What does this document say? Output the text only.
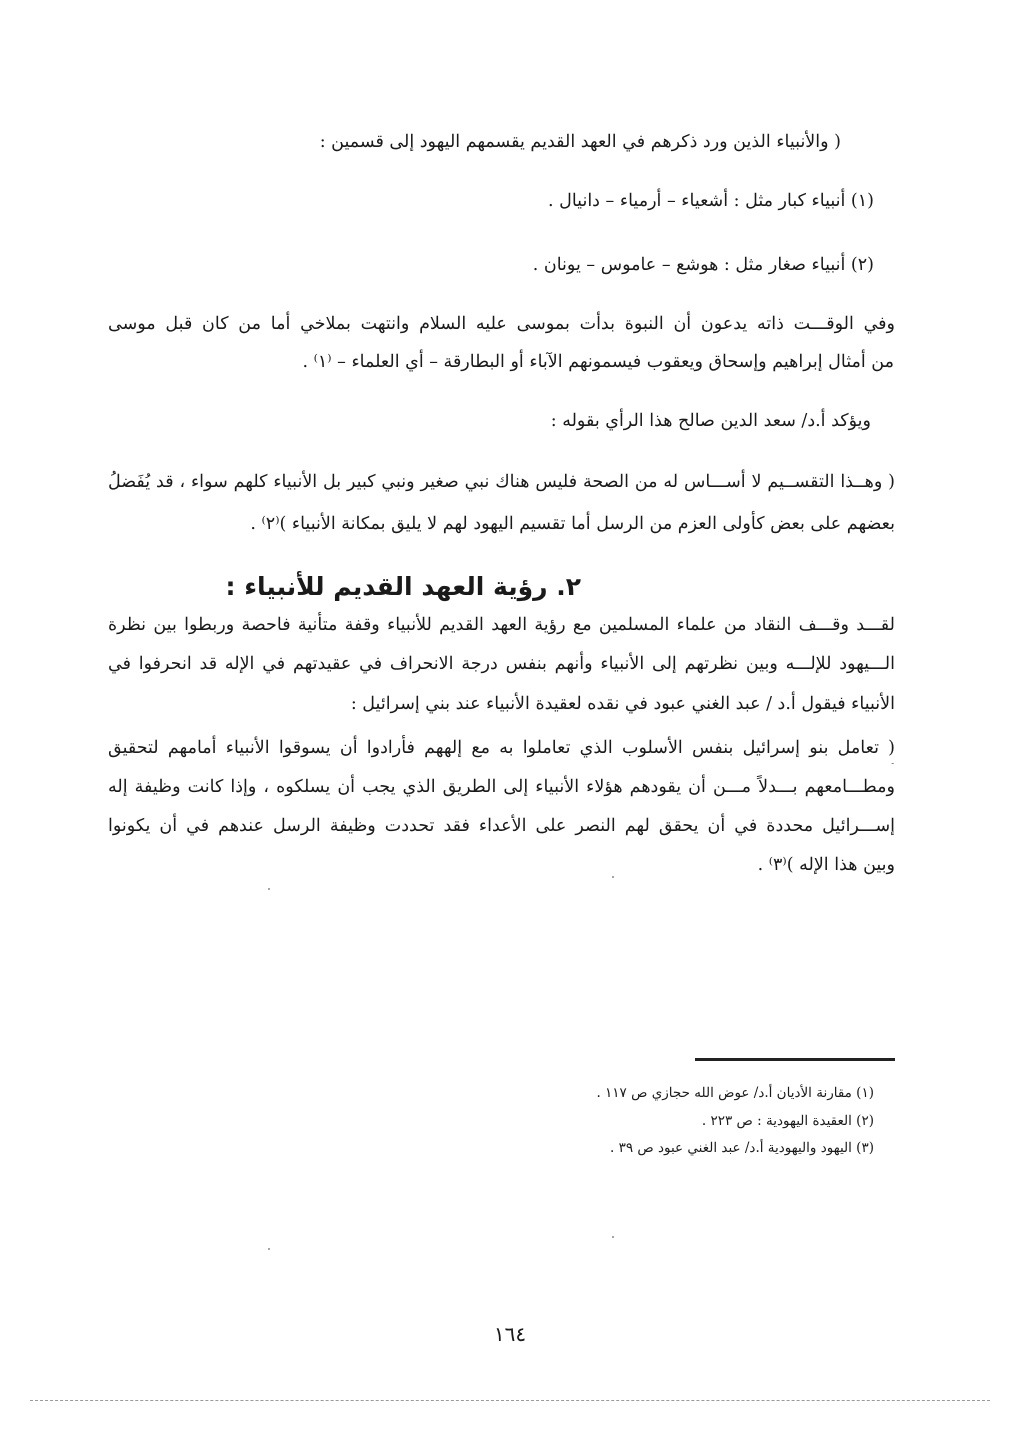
( والأنبياء الذين ورد ذكرهم في العهد القديم يقسمهم اليهود إلى قسمين :
(١) أنبياء كبار مثل : أشعياء – أرمياء – دانيال .
(٢) أنبياء صغار مثل : هوشع – عاموس – يونان .
وفي الوقـــت ذاته يدعون أن النبوة بدأت بموسى عليه السلام وانتهت بملاخي أما من كان قبل موسى
من أمثال إبراهيم وإسحاق ويعقوب فيسمونهم الآباء أو البطارقة – أي العلماء – ⁽١⁾ .
ويؤكد أ.د/ سعد الدين صالح هذا الرأي بقوله :
( وهــذا التقســيم لا أســـاس له من الصحة فليس هناك نبي صغير ونبي كبير بل الأنبياء كلهم سواء ، قد يُفَضلُ
بعضهم على بعض كأولى العزم من الرسل أما تقسيم اليهود لهم لا يليق بمكانة الأنبياء )⁽٢⁾ .
٢. رؤية العهد القديم للأنبياء :
لقـــد وقـــف النقاد من علماء المسلمين مع رؤية العهد القديم للأنبياء وقفة متأنية فاحصة وربطوا بين نظرة
الـــيهود للإلـــه وبين نظرتهم إلى الأنبياء وأنهم بنفس درجة الانحراف في عقيدتهم في الإله قد انحرفوا في
الأنبياء فيقول أ.د / عبد الغني عبود في نقده لعقيدة الأنبياء عند بني إسرائيل :
( تعامل بنو إسرائيل بنفس الأسلوب الذي تعاملوا به مع إلههم فأرادوا أن يسوقوا الأنبياء أمامهم لتحقيق
ومطـــامعهم بـــدلاً مـــن أن يقودهم هؤلاء الأنبياء إلى الطريق الذي يجب أن يسلكوه ، وإذا كانت وظيفة إله
إســـرائيل محددة في أن يحقق لهم النصر على الأعداء فقد تحددت وظيفة الرسل عندهم في أن يكونوا
وبين هذا الإله )⁽٣⁾ .
(١) مقارنة الأديان أ.د/ عوض الله حجازي ص ١١٧ .
(٢) العقيدة اليهودية : ص ٢٢٣ .
(٣) اليهود واليهودية أ.د/ عبد الغني عبود ص ٣٩ .
١٦٤
